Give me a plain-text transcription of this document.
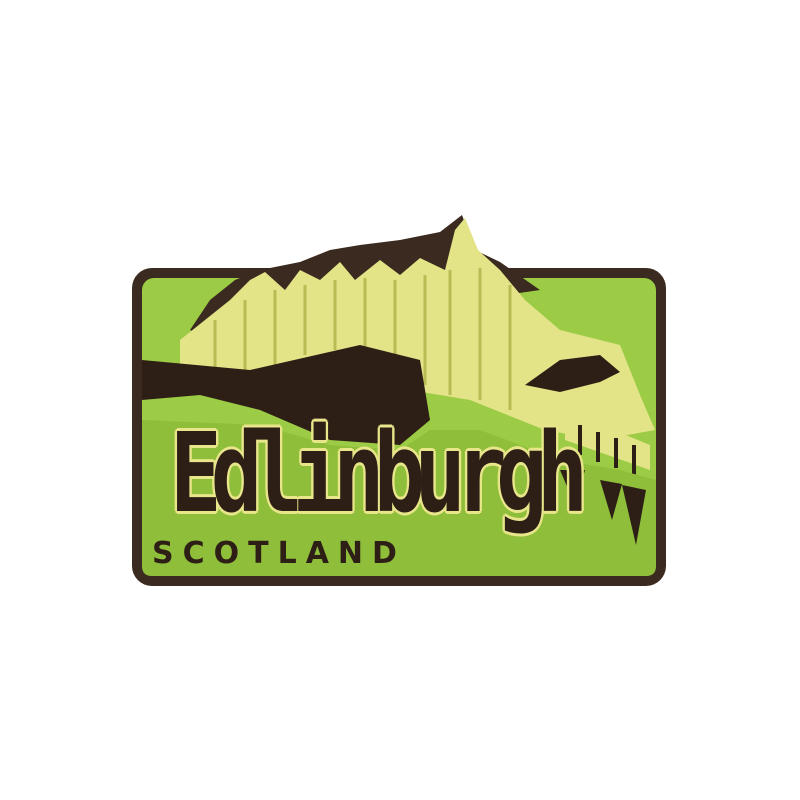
Edlinburgh
SCOTLAND
